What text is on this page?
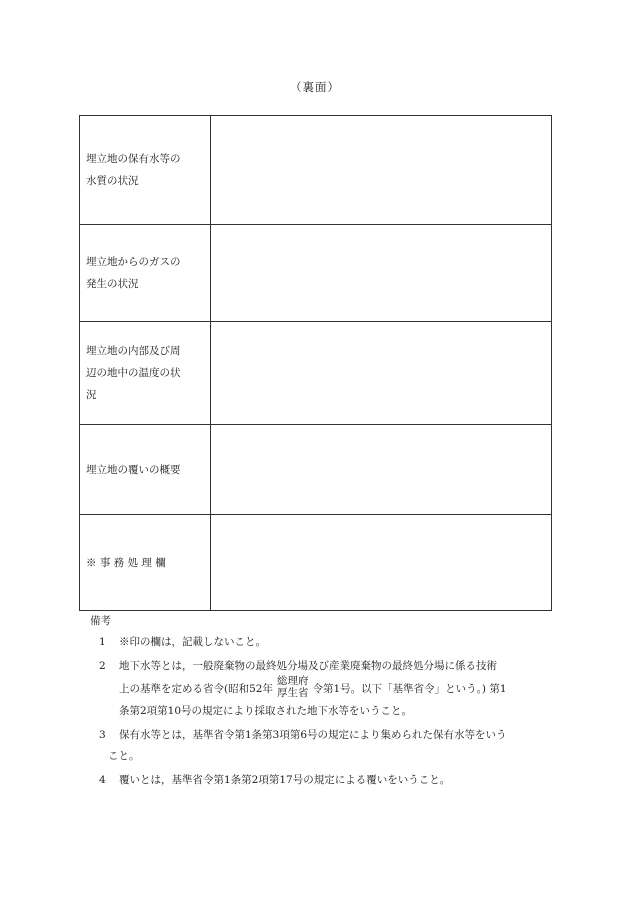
（裏面）
埋立地の保有水等の
水質の状況	

埋立地からのガスの
発生の状況	

埋立地の内部及び周
辺の地中の温度の状
況	

埋立地の覆いの概要	

※ 事 務 処 理 欄	

備考
1 ※印の欄は，記載しないこと。
2 地下水等とは，一般廃棄物の最終処分場及び産業廃棄物の最終処分場に係る技術
上の基準を定める省令(昭和52年
総理府
厚生省 令第1号。以下「基準省令」という。) 第1
条第2項第10号の規定により採取された地下水等をいうこと。
3 保有水等とは，基準省令第1条第3項第6号の規定により集められた保有水等をいう
こと。
4 覆いとは，基準省令第1条第2項第17号の規定による覆いをいうこと。
